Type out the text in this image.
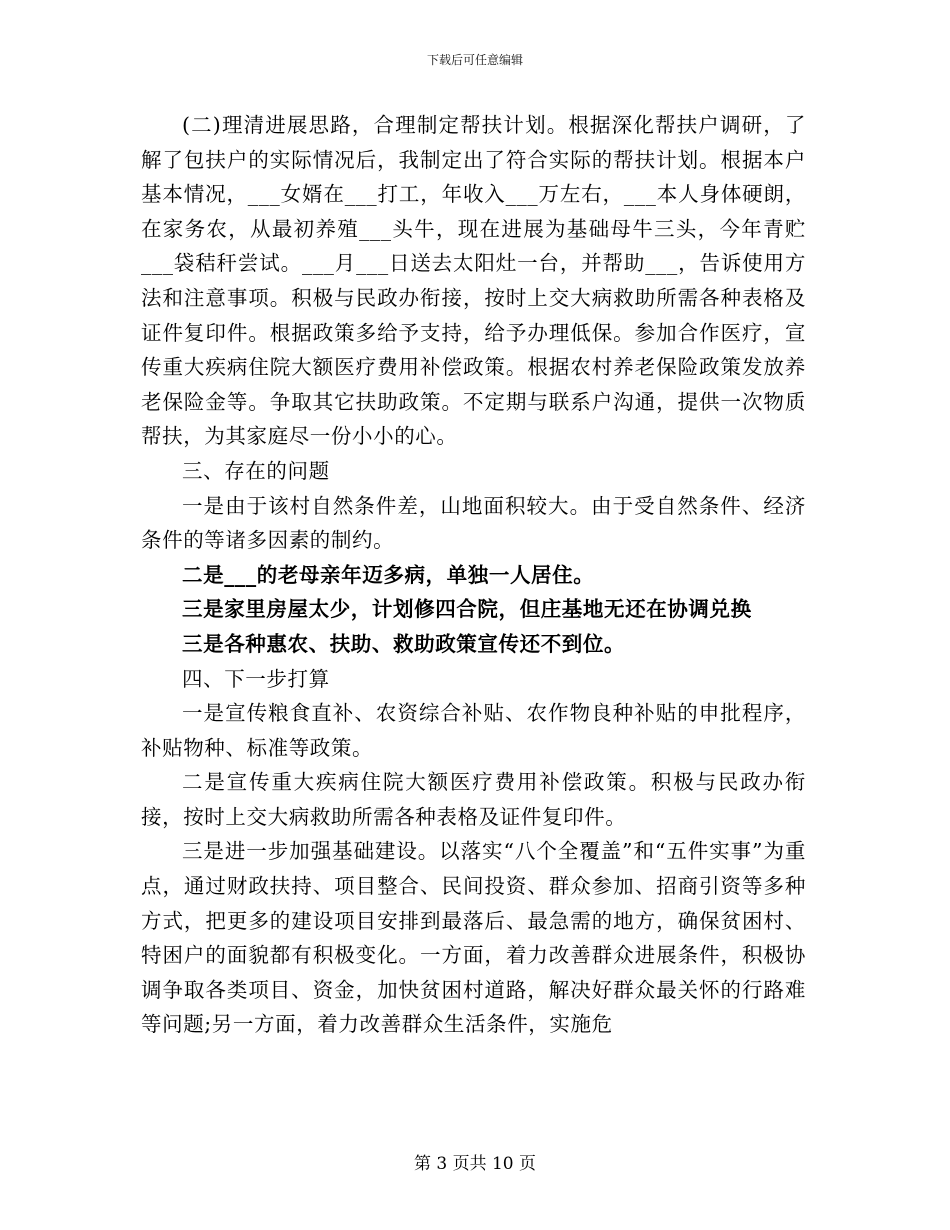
下载后可任意编辑

(二)理清进展思路，合理制定帮扶计划。根据深化帮扶户调研，了解了包扶户的实际情况后，我制定出了符合实际的帮扶计划。根据本户基本情况，___女婿在___打工，年收入___万左右，___本人身体硬朗，在家务农，从最初养殖___头牛，现在进展为基础母牛三头，今年青贮___袋秸秆尝试。___月___日送去太阳灶一台，并帮助___，告诉使用方法和注意事项。积极与民政办衔接，按时上交大病救助所需各种表格及证件复印件。根据政策多给予支持，给予办理低保。参加合作医疗，宣传重大疾病住院大额医疗费用补偿政策。根据农村养老保险政策发放养老保险金等。争取其它扶助政策。不定期与联系户沟通，提供一次物质帮扶，为其家庭尽一份小小的心。

三、存在的问题

一是由于该村自然条件差，山地面积较大。由于受自然条件、经济条件的等诸多因素的制约。

二是___的老母亲年迈多病，单独一人居住。

三是家里房屋太少，计划修四合院，但庄基地无还在协调兑换

三是各种惠农、扶助、救助政策宣传还不到位。

四、下一步打算

一是宣传粮食直补、农资综合补贴、农作物良种补贴的申批程序，补贴物种、标准等政策。

二是宣传重大疾病住院大额医疗费用补偿政策。积极与民政办衔接，按时上交大病救助所需各种表格及证件复印件。

三是进一步加强基础建设。以落实“八个全覆盖”和“五件实事”为重点，通过财政扶持、项目整合、民间投资、群众参加、招商引资等多种方式，把更多的建设项目安排到最落后、最急需的地方，确保贫困村、特困户的面貌都有积极变化。一方面，着力改善群众进展条件，积极协调争取各类项目、资金，加快贫困村道路，解决好群众最关怀的行路难等问题;另一方面，着力改善群众生活条件，实施危

第 3 页共 10 页
